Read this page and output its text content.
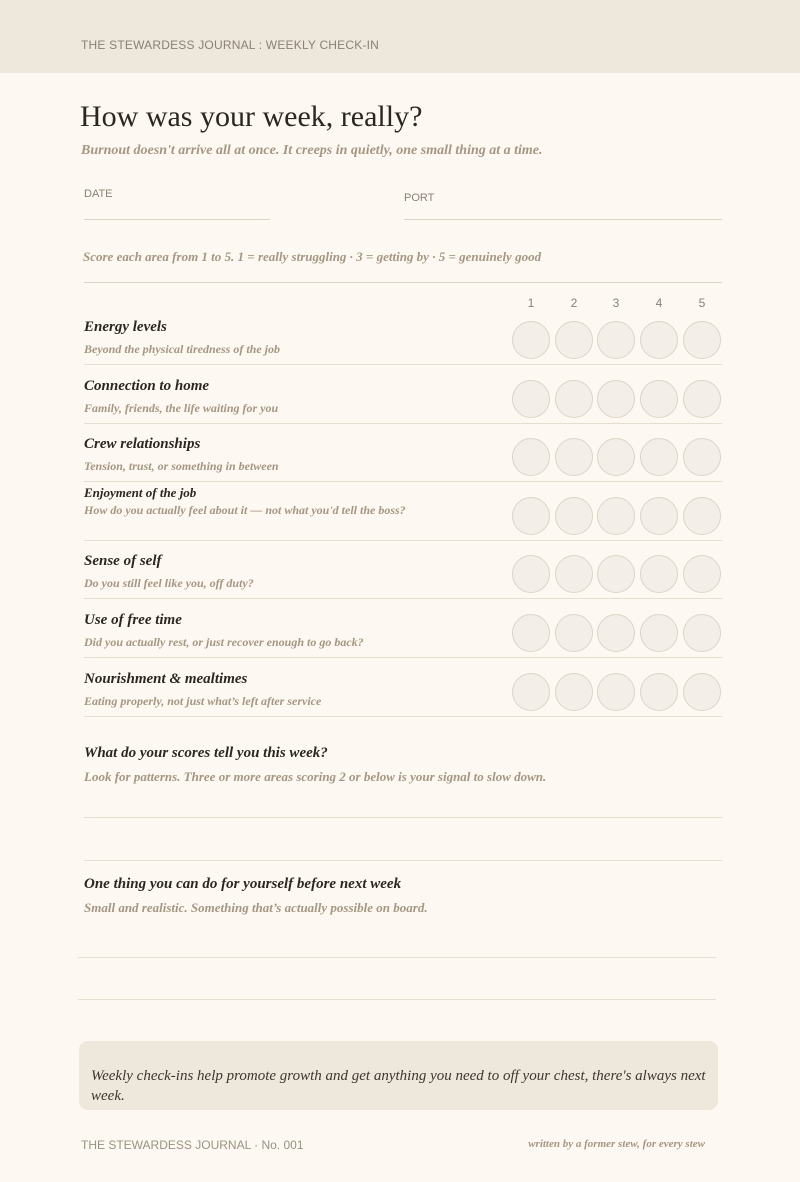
THE STEWARDESS JOURNAL : WEEKLY CHECK-IN
How was your week, really?
Burnout doesn't arrive all at once. It creeps in quietly, one small thing at a time.
DATE	PORT
Score each area from 1 to 5. 1 = really struggling · 3 = getting by · 5 = genuinely good
1	2	3	4	5
Energy levels
Beyond the physical tiredness of the job
Connection to home
Family, friends, the life waiting for you
Crew relationships
Tension, trust, or something in between
Enjoyment of the job
How do you actually feel about it — not what you'd tell the boss?
Sense of self
Do you still feel like you, off duty?
Use of free time
Did you actually rest, or just recover enough to go back?
Nourishment & mealtimes
Eating properly, not just what’s left after service
What do your scores tell you this week?
Look for patterns. Three or more areas scoring 2 or below is your signal to slow down.
One thing you can do for yourself before next week
Small and realistic. Something that’s actually possible on board.
Weekly check-ins help promote growth and get anything you need to off your chest, there's always next week.
THE STEWARDESS JOURNAL · No. 001	written by a former stew, for every stew
